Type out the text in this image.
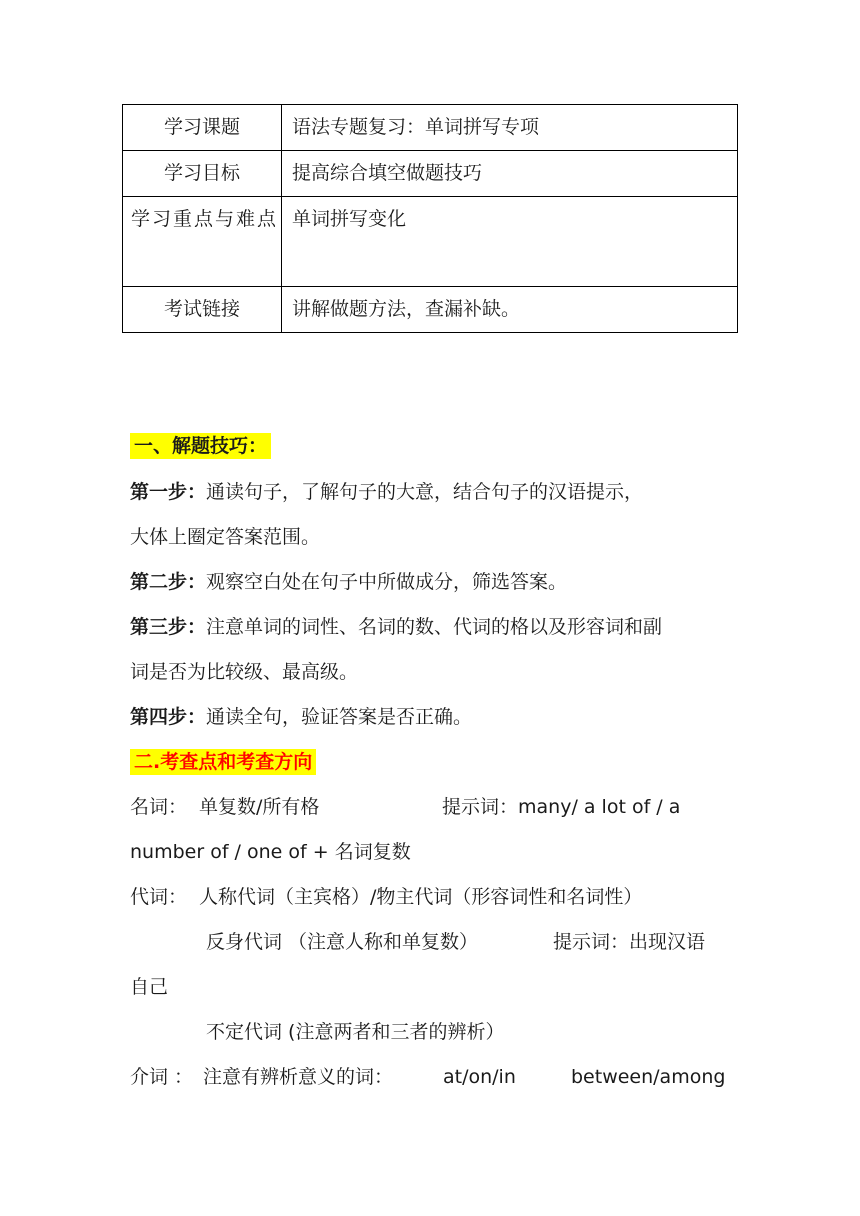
学习课题	语法专题复习：单词拼写专项
学习目标	提高综合填空做题技巧
学习重点与难点	单词拼写变化
考试链接	讲解做题方法，查漏补缺。
一、解题技巧：
第一步：通读句子，了解句子的大意，结合句子的汉语提示，
大体上圈定答案范围。
第二步：观察空白处在句子中所做成分，筛选答案。
第三步：注意单词的词性、名词的数、代词的格以及形容词和副
词是否为比较级、最高级。
第四步：通读全句，验证答案是否正确。
二.考查点和考查方向
名词： 单复数/所有格	提示词：many/ a lot of / a
number of / one of + 名词复数
代词： 人称代词（主宾格）/物主代词（形容词性和名词性）
反身代词 （注意人称和单复数）	提示词：出现汉语
自己
不定代词 (注意两者和三者的辨析）
介词 ： 注意有辨析意义的词：	at/on/in	between/among
